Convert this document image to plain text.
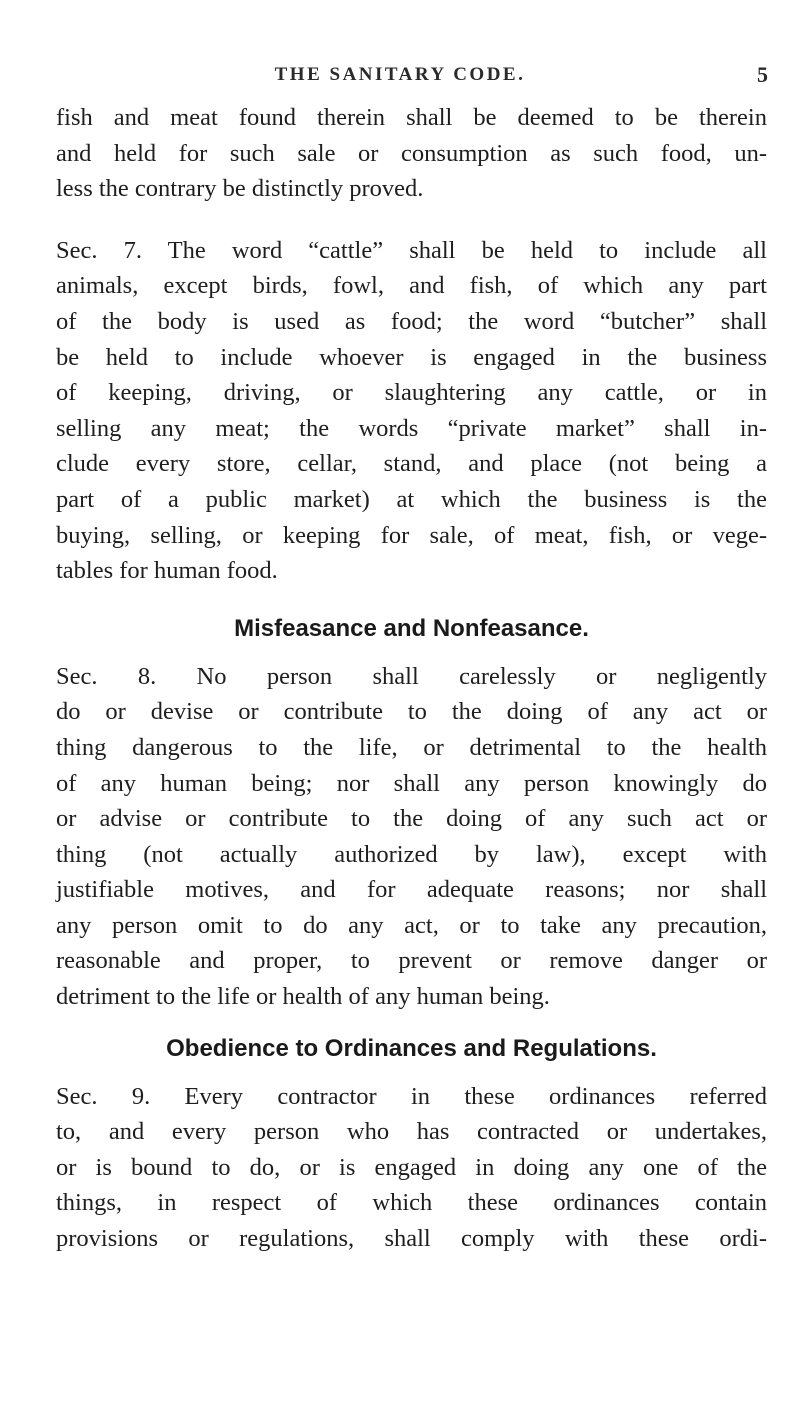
THE SANITARY CODE.	5
fish and meat found therein shall be deemed to be therein
and held for such sale or consumption as such food, un-
less the contrary be distinctly proved.
Sec. 7. The word “cattle” shall be held to include all
animals, except birds, fowl, and fish, of which any part
of the body is used as food; the word “butcher” shall
be held to include whoever is engaged in the business
of keeping, driving, or slaughtering any cattle, or in
selling any meat; the words “private market” shall in-
clude every store, cellar, stand, and place (not being a
part of a public market) at which the business is the
buying, selling, or keeping for sale, of meat, fish, or vege-
tables for human food.
Misfeasance and Nonfeasance.
Sec. 8. No person shall carelessly or negligently
do or devise or contribute to the doing of any act or
thing dangerous to the life, or detrimental to the health
of any human being; nor shall any person knowingly do
or advise or contribute to the doing of any such act or
thing (not actually authorized by law), except with
justifiable motives, and for adequate reasons; nor shall
any person omit to do any act, or to take any precaution,
reasonable and proper, to prevent or remove danger or
detriment to the life or health of any human being.
Obedience to Ordinances and Regulations.
Sec. 9. Every contractor in these ordinances referred
to, and every person who has contracted or undertakes,
or is bound to do, or is engaged in doing any one of the
things, in respect of which these ordinances contain
provisions or regulations, shall comply with these ordi-
